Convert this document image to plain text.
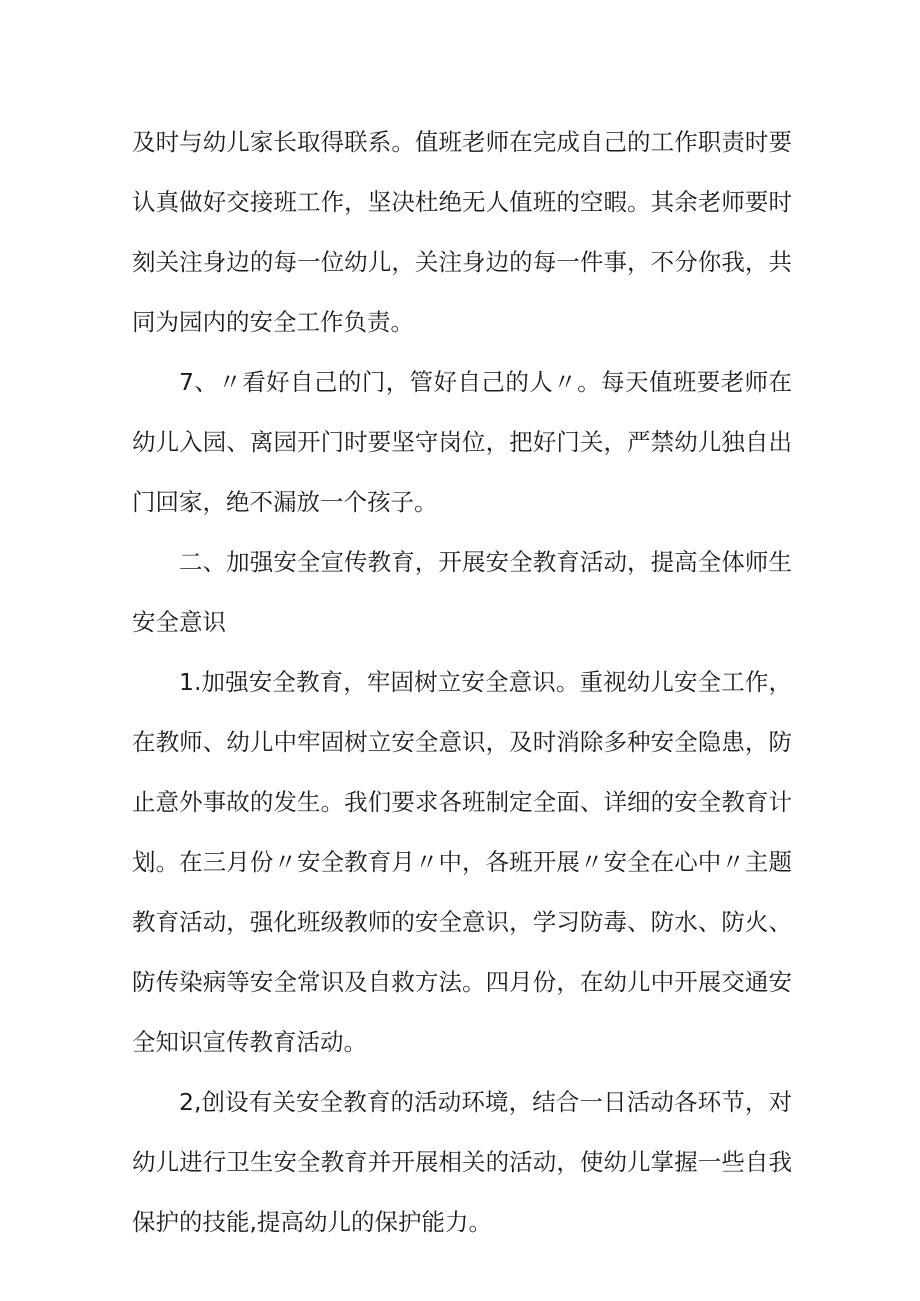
及时与幼儿家长取得联系。值班老师在完成自己的工作职责时要认真做好交接班工作，坚决杜绝无人值班的空暇。其余老师要时刻关注身边的每一位幼儿，关注身边的每一件事，不分你我，共同为园内的安全工作负责。

7、〃看好自己的门，管好自己的人〃。每天值班要老师在幼儿入园、离园开门时要坚守岗位，把好门关，严禁幼儿独自出门回家，绝不漏放一个孩子。

二、加强安全宣传教育，开展安全教育活动，提高全体师生安全意识

1.加强安全教育，牢固树立安全意识。重视幼儿安全工作，在教师、幼儿中牢固树立安全意识，及时消除多种安全隐患，防止意外事故的发生。我们要求各班制定全面、详细的安全教育计划。在三月份〃安全教育月〃中，各班开展〃安全在心中〃主题教育活动，强化班级教师的安全意识，学习防毒、防水、防火、防传染病等安全常识及自救方法。四月份，在幼儿中开展交通安全知识宣传教育活动。

2,创设有关安全教育的活动环境，结合一日活动各环节，对幼儿进行卫生安全教育并开展相关的活动，使幼儿掌握一些自我保护的技能,提高幼儿的保护能力。
